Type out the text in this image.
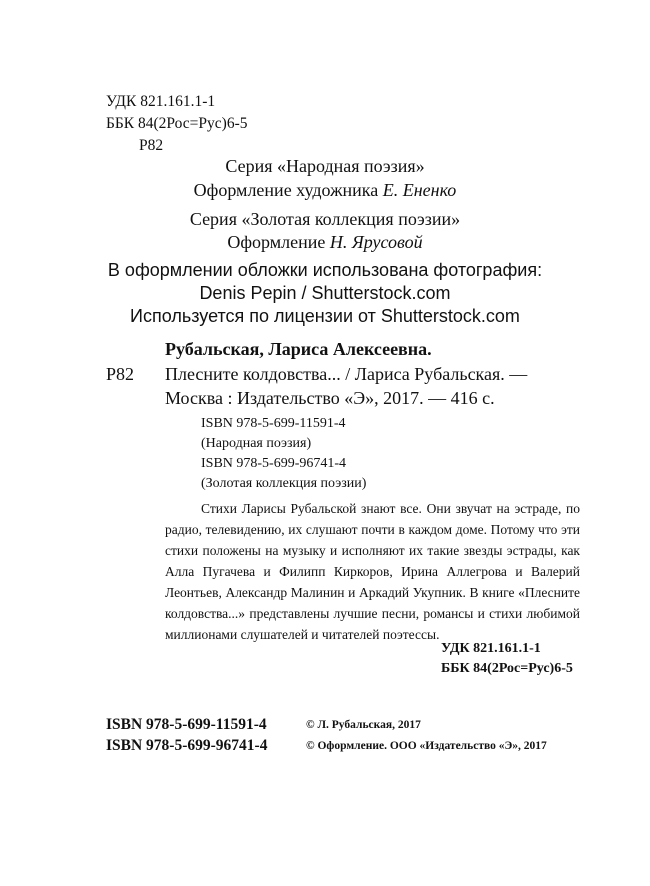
УДК 821.161.1-1
ББК 84(2Рос=Рус)6-5
Р82
Серия «Народная поэзия»
Оформление художника Е. Ененко
Серия «Золотая коллекция поэзии»
Оформление Н. Ярусовой
В оформлении обложки использована фотография:
Denis Pepin / Shutterstock.com
Используется по лицензии от Shutterstock.com
Рубальская, Лариса Алексеевна.
Р82 Плесните колдовства... / Лариса Рубальская. —
Москва : Издательство «Э», 2017. — 416 с.
ISBN 978-5-699-11591-4
(Народная поэзия)
ISBN 978-5-699-96741-4
(Золотая коллекция поэзии)
Стихи Ларисы Рубальской знают все. Они звучат на эстраде, по радио, телевидению, их слушают почти в каждом доме. Потому что эти стихи положены на музыку и исполняют их такие звезды эстрады, как Алла Пугачева и Филипп Киркоров, Ирина Аллегрова и Валерий Леонтьев, Александр Малинин и Аркадий Укупник. В книге «Плесните колдовства...» представлены лучшие песни, романсы и стихи любимой миллионами слушателей и читателей поэтессы.
УДК 821.161.1-1
ББК 84(2Рос=Рус)6-5
ISBN 978-5-699-11591-4
ISBN 978-5-699-96741-4
© Л. Рубальская, 2017
© Оформление. ООО «Издательство «Э», 2017
